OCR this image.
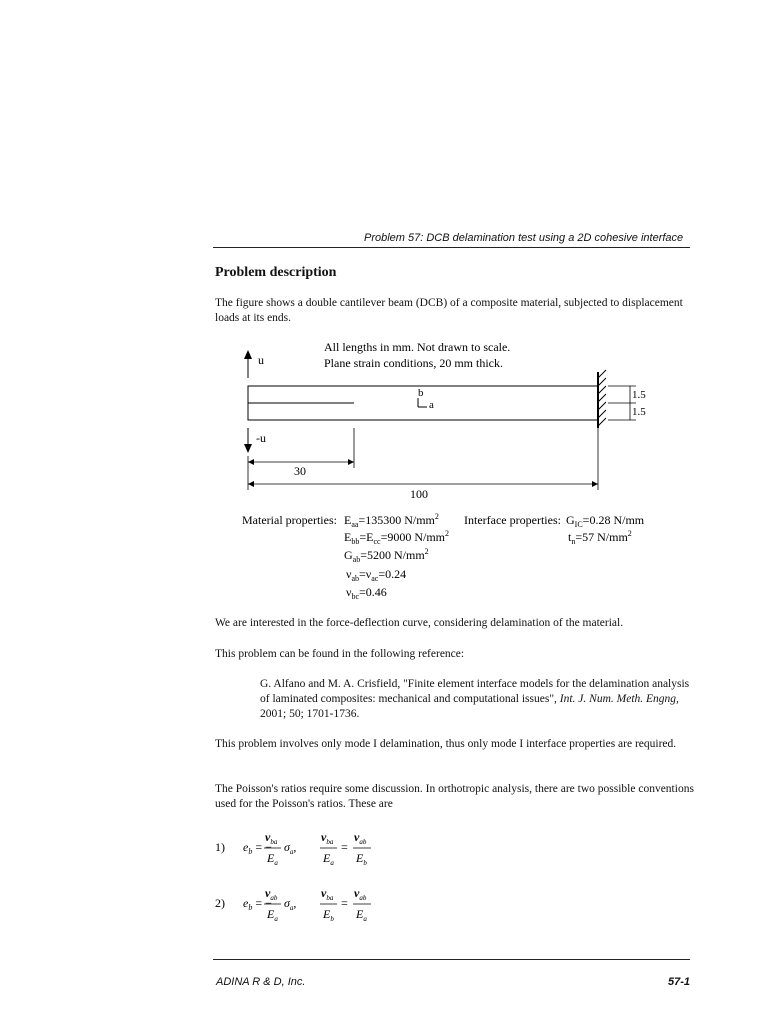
Problem 57: DCB delamination test using a 2D cohesive interface
Problem description
The figure shows a double cantilever beam (DCB) of a composite material, subjected to displacement loads at its ends.
All lengths in mm. Not drawn to scale.
Plane strain conditions, 20 mm thick.
u
b
a
1.5
1.5
-u
30
100
Material properties: $E_{aa}=135300$ $N/mm^2$
$E_{bb}=E_{cc}=9000$ $N/mm^2$
$G_{ab}=5200$ $N/mm^2$
$\nu_{ab}=\nu_{ac}=0.24$
$\nu_{bc}=0.46$
Interface properties: $G_{IC}=0.28$ N/mm
$t_n=57$ $N/mm^2$
We are interested in the force-deflection curve, considering delamination of the material.
This problem can be found in the following reference:
G. Alfano and M. A. Crisfield, "Finite element interface models for the delamination analysis of laminated composites: mechanical and computational issues", Int. J. Num. Meth. Engng, 2001; 50; 1701-1736.
This problem involves only mode I delamination, thus only mode I interface properties are required.
The Poisson's ratios require some discussion. In orthotropic analysis, there are two possible conventions used for the Poisson's ratios. These are
1) $e_b$ = −
$\nu_{ba}$
$E_a$
$\sigma_a$,
$\nu_{ba}$
$E_a$
=
$\nu_{ab}$
$E_b$
2) $e_b$ = −
$\nu_{ab}$
$E_a$
$\sigma_a$,
$\nu_{ba}$
$E_b$
=
$\nu_{ab}$
$E_a$
ADINA R & D, Inc.	57-1
